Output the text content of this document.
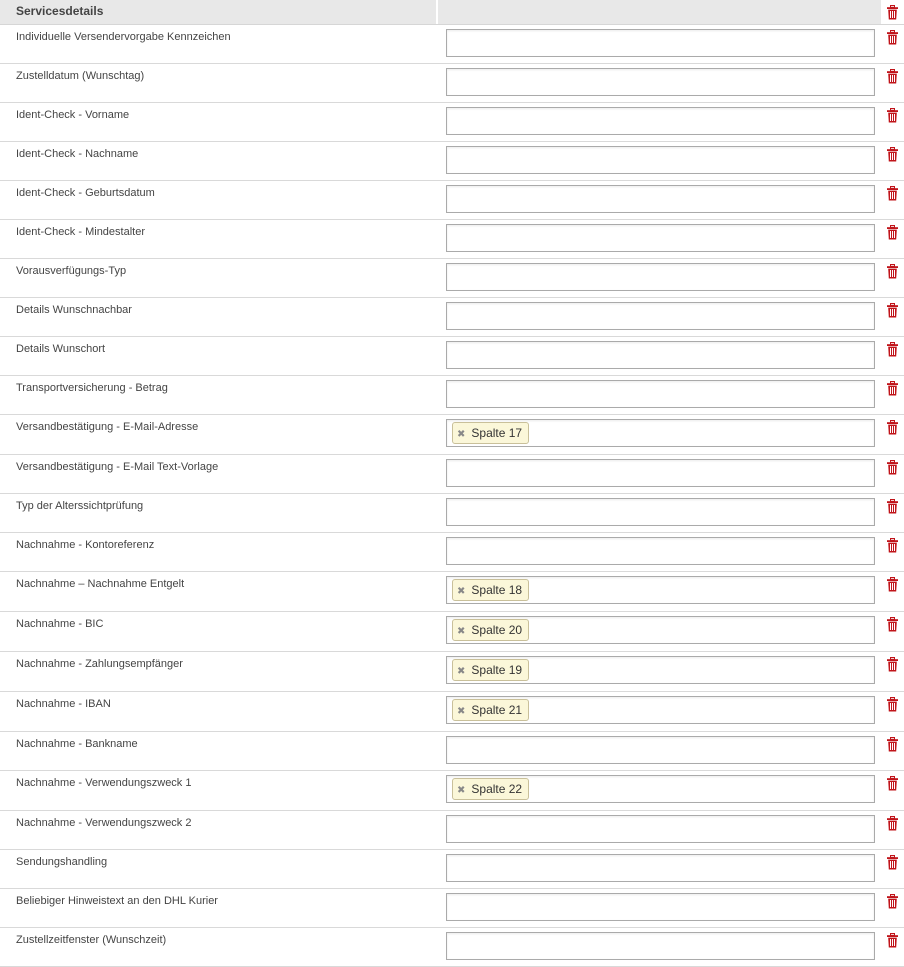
Servicesdetails
Individuelle Versendervorgabe Kennzeichen
Zustelldatum (Wunschtag)
Ident-Check - Vorname
Ident-Check - Nachname
Ident-Check - Geburtsdatum
Ident-Check - Mindestalter
Vorausverfügungs-Typ
Details Wunschnachbar
Details Wunschort
Transportversicherung - Betrag
Versandbestätigung - E-Mail-Adresse
✖ Spalte 17
Versandbestätigung - E-Mail Text-Vorlage
Typ der Alterssichtprüfung
Nachnahme - Kontoreferenz
Nachnahme – Nachnahme Entgelt
✖ Spalte 18
Nachnahme - BIC
✖ Spalte 20
Nachnahme - Zahlungsempfänger
✖ Spalte 19
Nachnahme - IBAN
✖ Spalte 21
Nachnahme - Bankname
Nachnahme - Verwendungszweck 1
✖ Spalte 22
Nachnahme - Verwendungszweck 2
Sendungshandling
Beliebiger Hinweistext an den DHL Kurier
Zustellzeitfenster (Wunschzeit)
